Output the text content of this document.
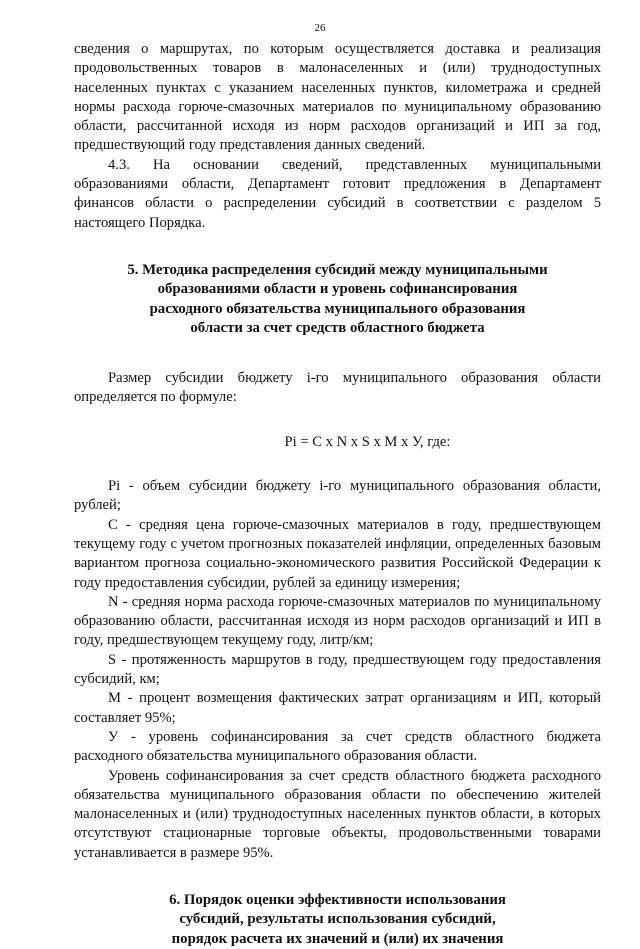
26

сведения о маршрутах, по которым осуществляется доставка и реализация продовольственных товаров в малонаселенных и (или) труднодоступных населенных пунктах с указанием населенных пунктов, километража и средней нормы расхода горюче-смазочных материалов по муниципальному образованию области, рассчитанной исходя из норм расходов организаций и ИП за год, предшествующий году представления данных сведений.

4.3. На основании сведений, представленных муниципальными образованиями области, Департамент готовит предложения в Департамент финансов области о распределении субсидий в соответствии с разделом 5 настоящего Порядка.

5. Методика распределения субсидий между муниципальными
образованиями области и уровень софинансирования
расходного обязательства муниципального образования
области за счет средств областного бюджета

Размер субсидии бюджету i-го муниципального образования области определяется по формуле:

Pi = С х N х S х М х У, где:

Pi - объем субсидии бюджету i-го муниципального образования области, рублей;

С - средняя цена горюче-смазочных материалов в году, предшествующем текущему году с учетом прогнозных показателей инфляции, определенных базовым вариантом прогноза социально-экономического развития Российской Федерации к году предоставления субсидии, рублей за единицу измерения;

N - средняя норма расхода горюче-смазочных материалов по муниципальному образованию области, рассчитанная исходя из норм расходов организаций и ИП в году, предшествующем текущему году, литр/км;

S - протяженность маршрутов в году, предшествующем году предоставления субсидий, км;

М - процент возмещения фактических затрат организациям и ИП, который составляет 95%;

У - уровень софинансирования за счет средств областного бюджета расходного обязательства муниципального образования области.

Уровень софинансирования за счет средств областного бюджета расходного обязательства муниципального образования области по обеспечению жителей малонаселенных и (или) труднодоступных населенных пунктов области, в которых отсутствуют стационарные торговые объекты, продовольственными товарами устанавливается в размере 95%.

6. Порядок оценки эффективности использования
субсидий, результаты использования субсидий,
порядок расчета их значений и (или) их значения
